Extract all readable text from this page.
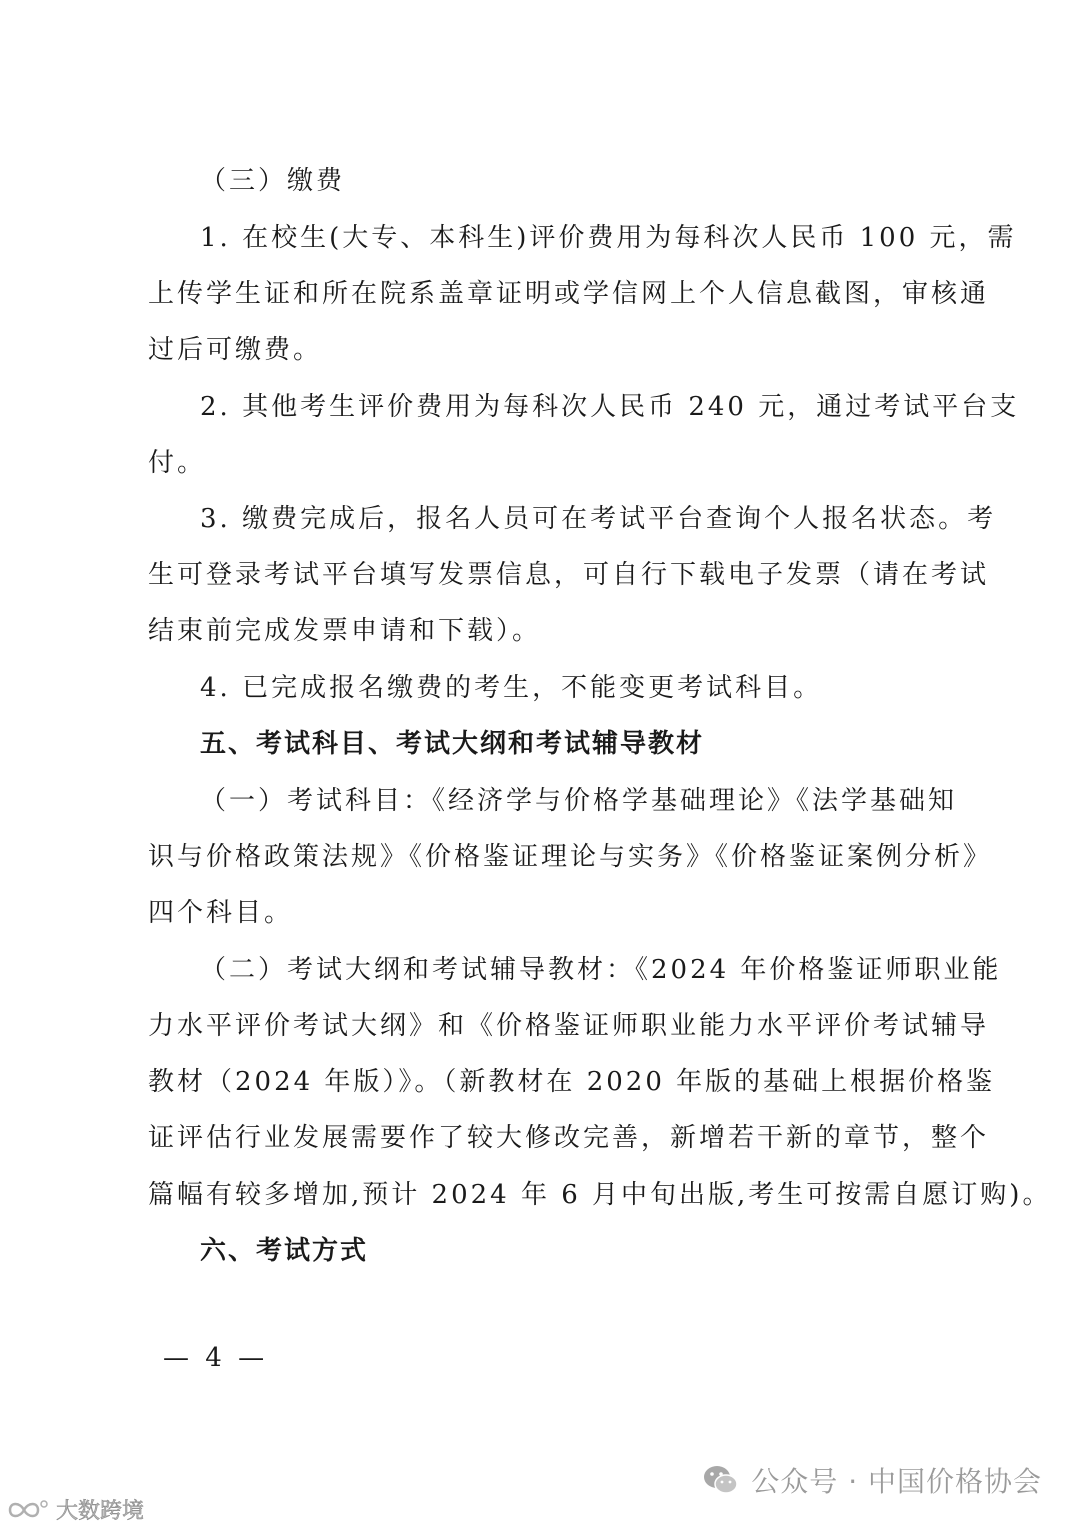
（三）缴费
1. 在校生(大专、本科生)评价费用为每科次人民币 100 元，需
上传学生证和所在院系盖章证明或学信网上个人信息截图，审核通
过后可缴费。
2. 其他考生评价费用为每科次人民币 240 元，通过考试平台支
付。
3. 缴费完成后，报名人员可在考试平台查询个人报名状态。考
生可登录考试平台填写发票信息，可自行下载电子发票（请在考试
结束前完成发票申请和下载）。
4. 已完成报名缴费的考生，不能变更考试科目。
五、考试科目、考试大纲和考试辅导教材
（一）考试科目：《经济学与价格学基础理论》《法学基础知
识与价格政策法规》《价格鉴证理论与实务》《价格鉴证案例分析》
四个科目。
（二）考试大纲和考试辅导教材：《2024 年价格鉴证师职业能
力水平评价考试大纲》和《价格鉴证师职业能力水平评价考试辅导
教材（2024 年版）》。（新教材在 2020 年版的基础上根据价格鉴
证评估行业发展需要作了较大修改完善，新增若干新的章节，整个
篇幅有较多增加,预计 2024 年 6 月中旬出版,考生可按需自愿订购)。
六、考试方式
— 4 —
公众号 · 中国价格协会
大数跨境
